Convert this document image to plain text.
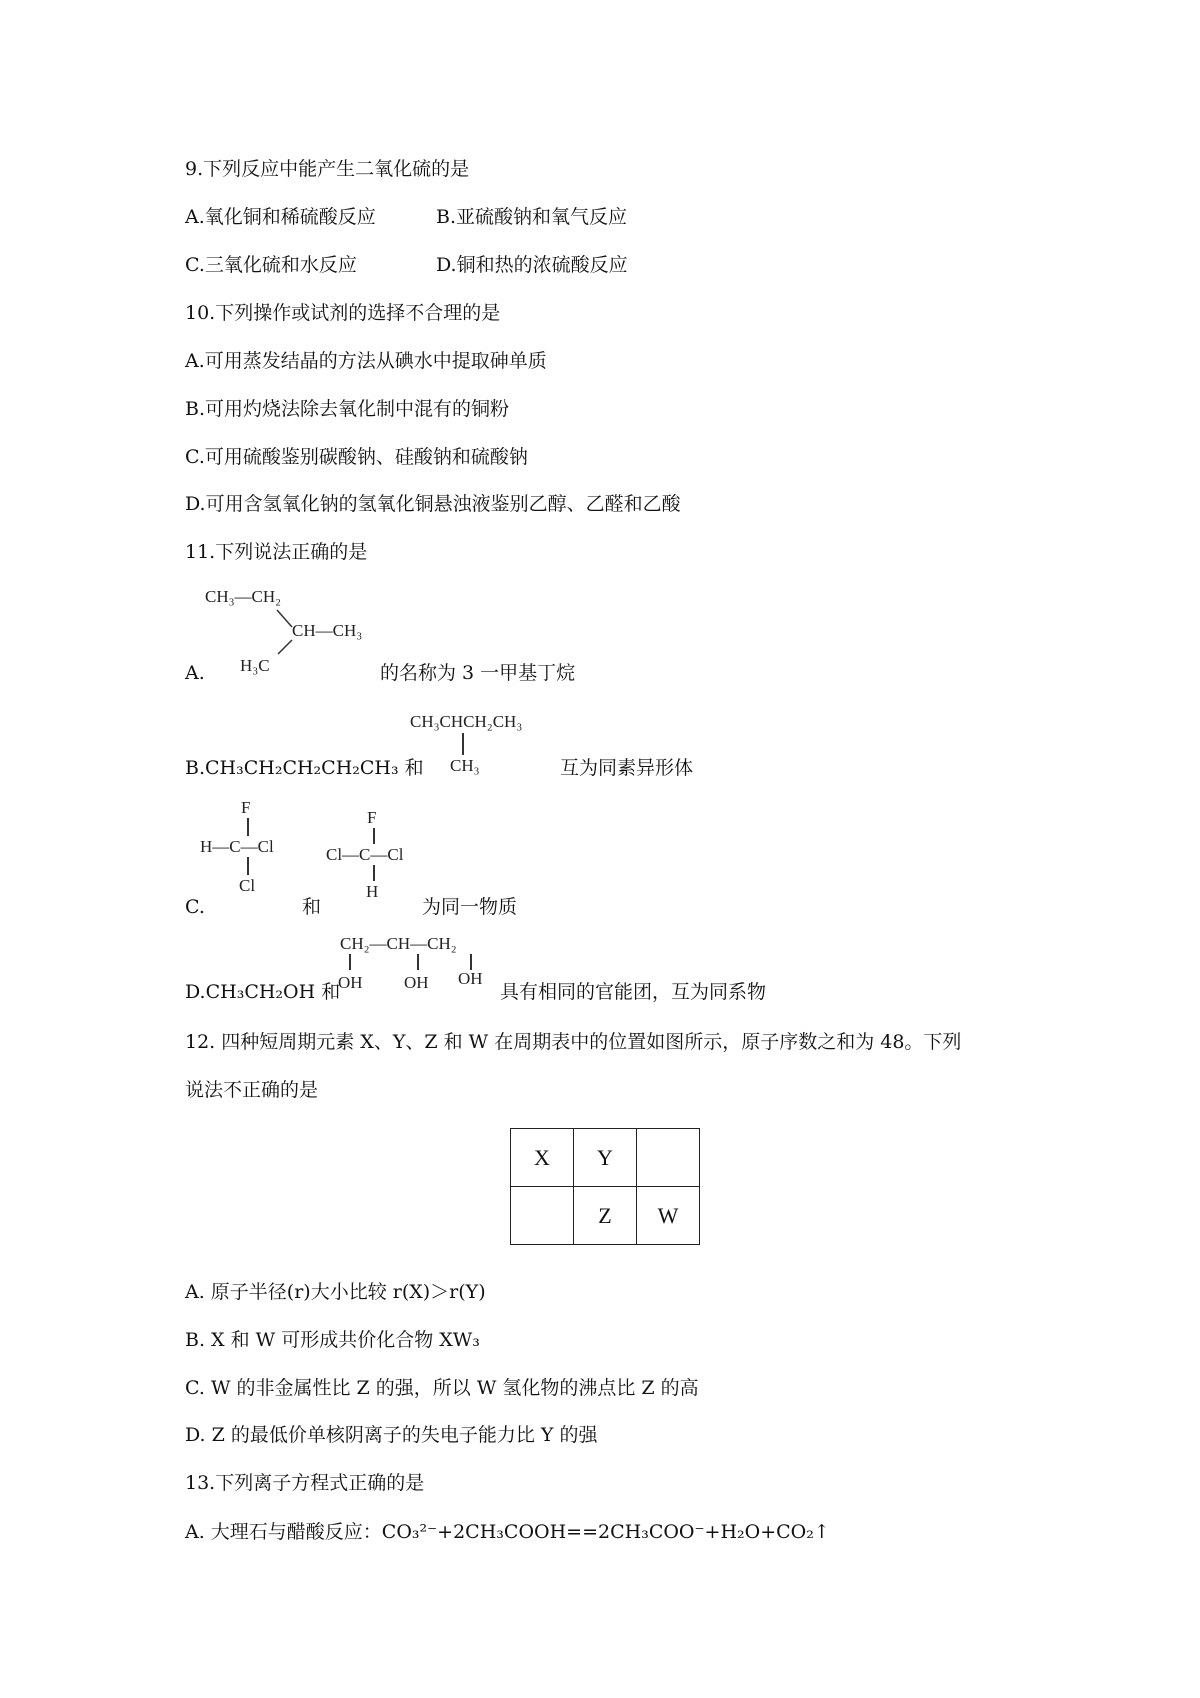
9.下列反应中能产生二氧化硫的是
A.氧化铜和稀硫酸反应	B.亚硫酸钠和氧气反应
C.三氧化硫和水反应	D.铜和热的浓硫酸反应
10.下列操作或试剂的选择不合理的是
A.可用蒸发结晶的方法从碘水中提取砷单质
B.可用灼烧法除去氧化制中混有的铜粉
C.可用硫酸鉴别碳酸钠、硅酸钠和硫酸钠
D.可用含氢氧化钠的氢氧化铜悬浊液鉴别乙醇、乙醛和乙酸
11.下列说法正确的是
CH₃—CH₂
CH—CH₃
H₃C
A.	的名称为 3 一甲基丁烷
CH₃CHCH₂CH₃
CH₃
B.CH₃CH₂CH₂CH₂CH₃ 和	互为同素异形体
F
H—C—Cl
Cl
F
Cl—C—Cl
H
C.	和	为同一物质
CH₂—CH—CH₂
OH OH OH
D.CH₃CH₂OH 和	具有相同的官能团，互为同系物
12. 四种短周期元素 X、Y、Z 和 W 在周期表中的位置如图所示，原子序数之和为 48。下列
说法不正确的是
X	Y	
	Z	W
A. 原子半径(r)大小比较 r(X)＞r(Y)
B. X 和 W 可形成共价化合物 XW₃
C. W 的非金属性比 Z 的强，所以 W 氢化物的沸点比 Z 的高
D. Z 的最低价单核阴离子的失电子能力比 Y 的强
13.下列离子方程式正确的是
A. 大理石与醋酸反应：CO₃²⁻+2CH₃COOH==2CH₃COO⁻+H₂O+CO₂↑
